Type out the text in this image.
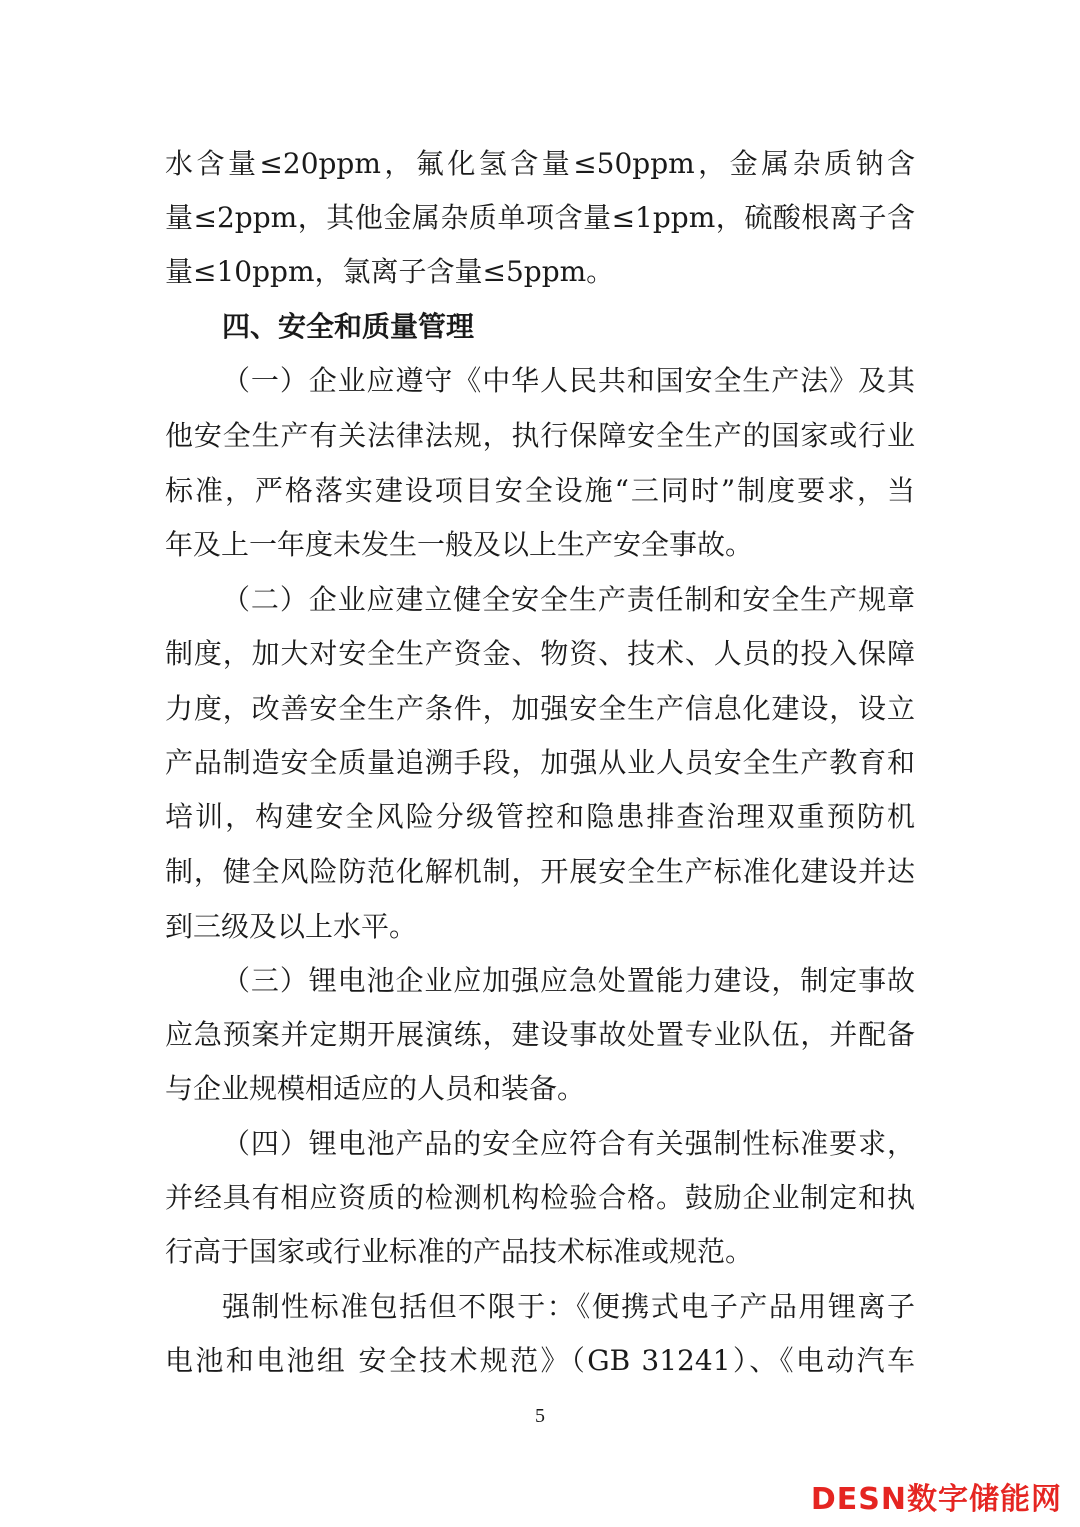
水含量≤20ppm，氟化氢含量≤50ppm，金属杂质钠含
量≤2ppm，其他金属杂质单项含量≤1ppm，硫酸根离子含
量≤10ppm，氯离子含量≤5ppm。
四、安全和质量管理
（一）企业应遵守《中华人民共和国安全生产法》及其
他安全生产有关法律法规，执行保障安全生产的国家或行业
标准，严格落实建设项目安全设施“三同时”制度要求，当
年及上一年度未发生一般及以上生产安全事故。
（二）企业应建立健全安全生产责任制和安全生产规章
制度，加大对安全生产资金、物资、技术、人员的投入保障
力度，改善安全生产条件，加强安全生产信息化建设，设立
产品制造安全质量追溯手段，加强从业人员安全生产教育和
培训，构建安全风险分级管控和隐患排查治理双重预防机
制，健全风险防范化解机制，开展安全生产标准化建设并达
到三级及以上水平。
（三）锂电池企业应加强应急处置能力建设，制定事故
应急预案并定期开展演练，建设事故处置专业队伍，并配备
与企业规模相适应的人员和装备。
（四）锂电池产品的安全应符合有关强制性标准要求，
并经具有相应资质的检测机构检验合格。鼓励企业制定和执
行高于国家或行业标准的产品技术标准或规范。
强制性标准包括但不限于：《便携式电子产品用锂离子
电池和电池组 安全技术规范》（GB 31241）、《电动汽车
5
DESN数字储能网
